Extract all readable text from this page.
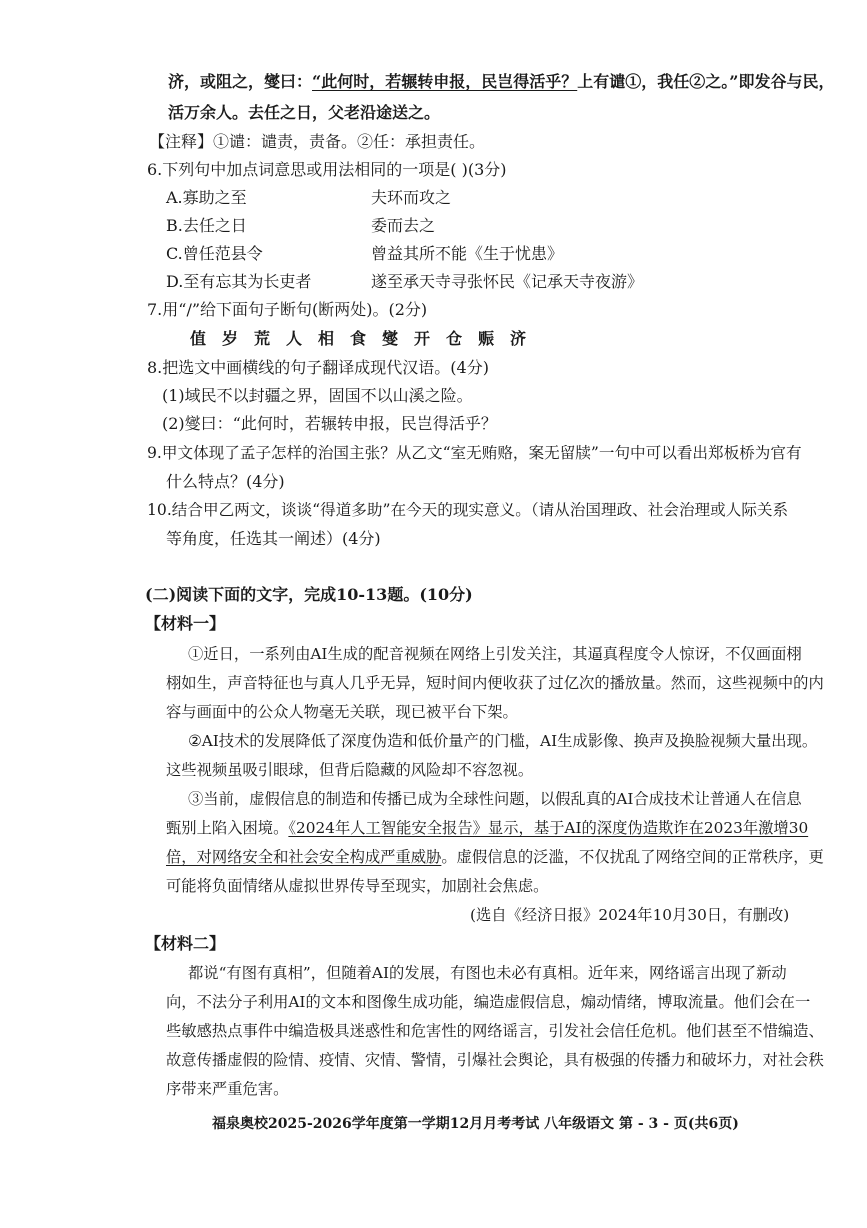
济，或阻之，燮曰：“此何时，若辗转申报，民岂得活乎？上有谴①，我任②之。”即发谷与民，
活万余人。去任之日，父老沿途送之。
【注释】①谴：谴责，责备。②任：承担责任。
6.下列句中加点词意思或用法相同的一项是( )(3分)
A.寡助之至	夫环而攻之
B.去任之日	委而去之
C.曾任范县令	曾益其所不能《生于忧患》
D.至有忘其为长吏者	遂至承天寺寻张怀民《记承天寺夜游》
7.用“/”给下面句子断句(断两处)。(2分)
值岁荒人相食燮开仓赈济
8.把选文中画横线的句子翻译成现代汉语。(4分)
(1)域民不以封疆之界，固国不以山溪之险。
(2)燮曰：“此何时，若辗转申报，民岂得活乎？
9.甲文体现了孟子怎样的治国主张？从乙文“室无贿赂，案无留牍”一句中可以看出郑板桥为官有
什么特点？(4分)
10.结合甲乙两文，谈谈“得道多助”在今天的现实意义。（请从治国理政、社会治理或人际关系
等角度，任选其一阐述）(4分)
(二)阅读下面的文字，完成10-13题。(10分)
【材料一】
①近日，一系列由AI生成的配音视频在网络上引发关注，其逼真程度令人惊讶，不仅画面栩
栩如生，声音特征也与真人几乎无异，短时间内便收获了过亿次的播放量。然而，这些视频中的内
容与画面中的公众人物毫无关联，现已被平台下架。
②AI技术的发展降低了深度伪造和低价量产的门槛，AI生成影像、换声及换脸视频大量出现。
这些视频虽吸引眼球，但背后隐藏的风险却不容忽视。
③当前，虚假信息的制造和传播已成为全球性问题，以假乱真的AI合成技术让普通人在信息
甄别上陷入困境。《2024年人工智能安全报告》显示，基于AI的深度伪造欺诈在2023年激增30
倍，对网络安全和社会安全构成严重威胁。虚假信息的泛滥，不仅扰乱了网络空间的正常秩序，更
可能将负面情绪从虚拟世界传导至现实，加剧社会焦虑。
(选自《经济日报》2024年10月30日，有删改)
【材料二】
都说“有图有真相”，但随着AI的发展，有图也未必有真相。近年来，网络谣言出现了新动
向，不法分子利用AI的文本和图像生成功能，编造虚假信息，煽动情绪，博取流量。他们会在一
些敏感热点事件中编造极具迷惑性和危害性的网络谣言，引发社会信任危机。他们甚至不惜编造、
故意传播虚假的险情、疫情、灾情、警情，引爆社会舆论，具有极强的传播力和破坏力，对社会秩
序带来严重危害。
福泉奥校2025-2026学年度第一学期12月月考考试 八年级语文 第 - 3 - 页(共6页)
